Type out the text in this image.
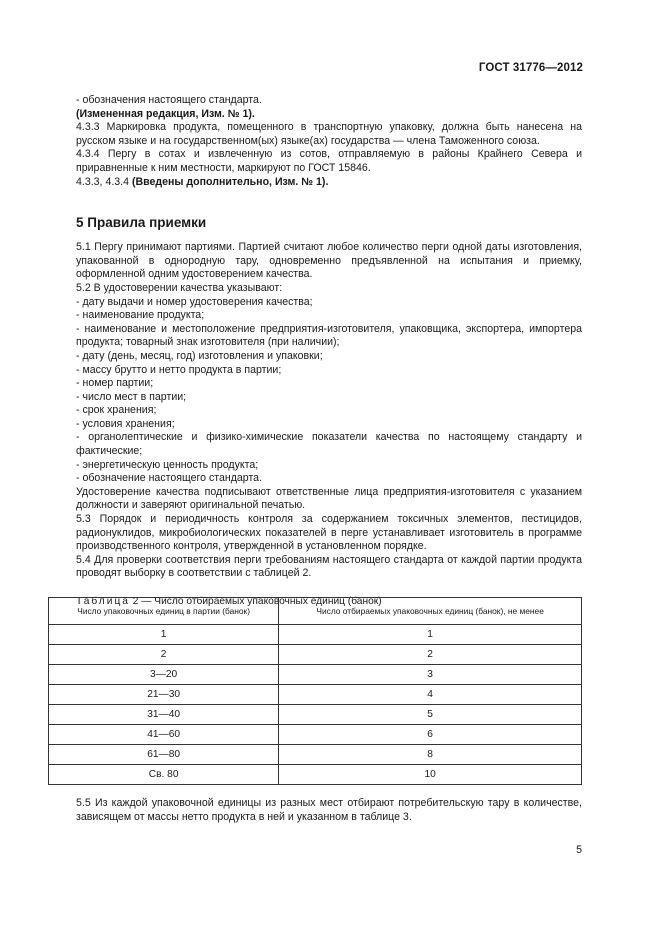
ГОСТ 31776—2012

- обозначения настоящего стандарта.

(Измененная редакция, Изм. № 1).

4.3.3 Маркировка продукта, помещенного в транспортную упаковку, должна быть нанесена на русском языке и на государственном(ых) языке(ах) государства — члена Таможенного союза.

4.3.4 Пергу в сотах и извлеченную из сотов, отправляемую в районы Крайнего Севера и приравненные к ним местности, маркируют по ГОСТ 15846.

4.3.3, 4.3.4 (Введены дополнительно, Изм. № 1).

5 Правила приемки

5.1 Пергу принимают партиями. Партией считают любое количество перги одной даты изготовления, упакованной в однородную тару, одновременно предъявленной на испытания и приемку, оформленной одним удостоверением качества.

5.2 В удостоверении качества указывают:

- дату выдачи и номер удостоверения качества;

- наименование продукта;

- наименование и местоположение предприятия-изготовителя, упаковщика, экспортера, импортера продукта; товарный знак изготовителя (при наличии);

- дату (день, месяц, год) изготовления и упаковки;

- массу брутто и нетто продукта в партии;

- номер партии;

- число мест в партии;

- срок хранения;

- условия хранения;

- органолептические и физико-химические показатели качества по настоящему стандарту и фактические;

- энергетическую ценность продукта;

- обозначение настоящего стандарта.

Удостоверение качества подписывают ответственные лица предприятия-изготовителя с указанием должности и заверяют оригинальной печатью.

5.3 Порядок и периодичность контроля за содержанием токсичных элементов, пестицидов, радионуклидов, микробиологических показателей в перге устанавливает изготовитель в программе производственного контроля, утвержденной в установленном порядке.

5.4 Для проверки соответствия перги требованиям настоящего стандарта от каждой партии продукта проводят выборку в соответствии с таблицей 2.

Таблица 2 — Число отбираемых упаковочных единиц (банок)

Число упаковочных единиц в партии (банок)	Число отбираемых упаковочных единиц (банок), не менее
1	1
2	2
3—20	3
21—30	4
31—40	5
41—60	6
61—80	8
Св. 80	10
5.5 Из каждой упаковочной единицы из разных мест отбирают потребительскую тару в количестве, зависящем от массы нетто продукта в ней и указанном в таблице 3.
5
